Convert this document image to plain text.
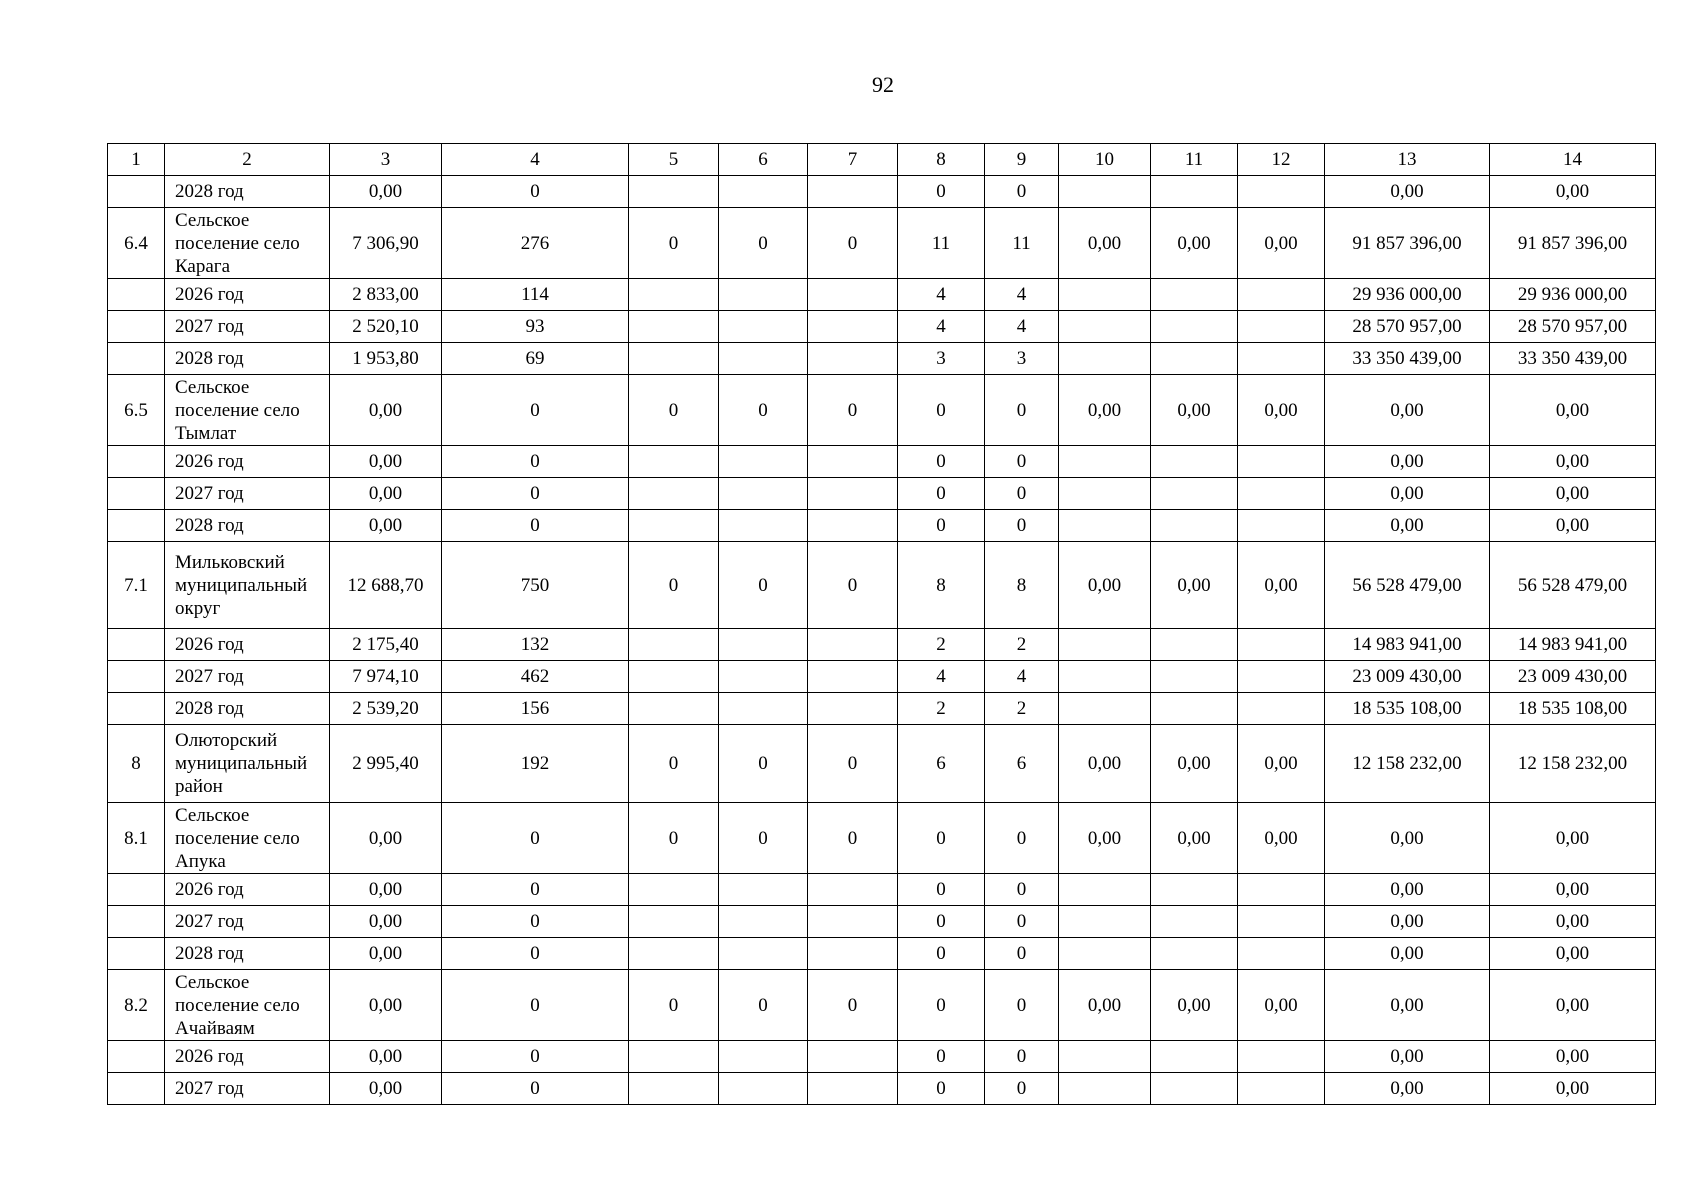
92
1	2	3	4	5	6	7	8	9	10	11	12	13	14
	2028 год	0,00	0				0	0				0,00	0,00
6.4	Сельское поселение село Карага	7 306,90	276	0	0	0	11	11	0,00	0,00	0,00	91 857 396,00	91 857 396,00
	2026 год	2 833,00	114				4	4				29 936 000,00	29 936 000,00
	2027 год	2 520,10	93				4	4				28 570 957,00	28 570 957,00
	2028 год	1 953,80	69				3	3				33 350 439,00	33 350 439,00
6.5	Сельское поселение село Тымлат	0,00	0	0	0	0	0	0	0,00	0,00	0,00	0,00	0,00
	2026 год	0,00	0				0	0				0,00	0,00
	2027 год	0,00	0				0	0				0,00	0,00
	2028 год	0,00	0				0	0				0,00	0,00
7.1	Мильковский муниципальный округ	12 688,70	750	0	0	0	8	8	0,00	0,00	0,00	56 528 479,00	56 528 479,00
	2026 год	2 175,40	132				2	2				14 983 941,00	14 983 941,00
	2027 год	7 974,10	462				4	4				23 009 430,00	23 009 430,00
	2028 год	2 539,20	156				2	2				18 535 108,00	18 535 108,00
8	Олюторский муниципальный район	2 995,40	192	0	0	0	6	6	0,00	0,00	0,00	12 158 232,00	12 158 232,00
8.1	Сельское поселение село Апука	0,00	0	0	0	0	0	0	0,00	0,00	0,00	0,00	0,00
	2026 год	0,00	0				0	0				0,00	0,00
	2027 год	0,00	0				0	0				0,00	0,00
	2028 год	0,00	0				0	0				0,00	0,00
8.2	Сельское поселение село Ачайваям	0,00	0	0	0	0	0	0	0,00	0,00	0,00	0,00	0,00
	2026 год	0,00	0				0	0				0,00	0,00
	2027 год	0,00	0				0	0				0,00	0,00
